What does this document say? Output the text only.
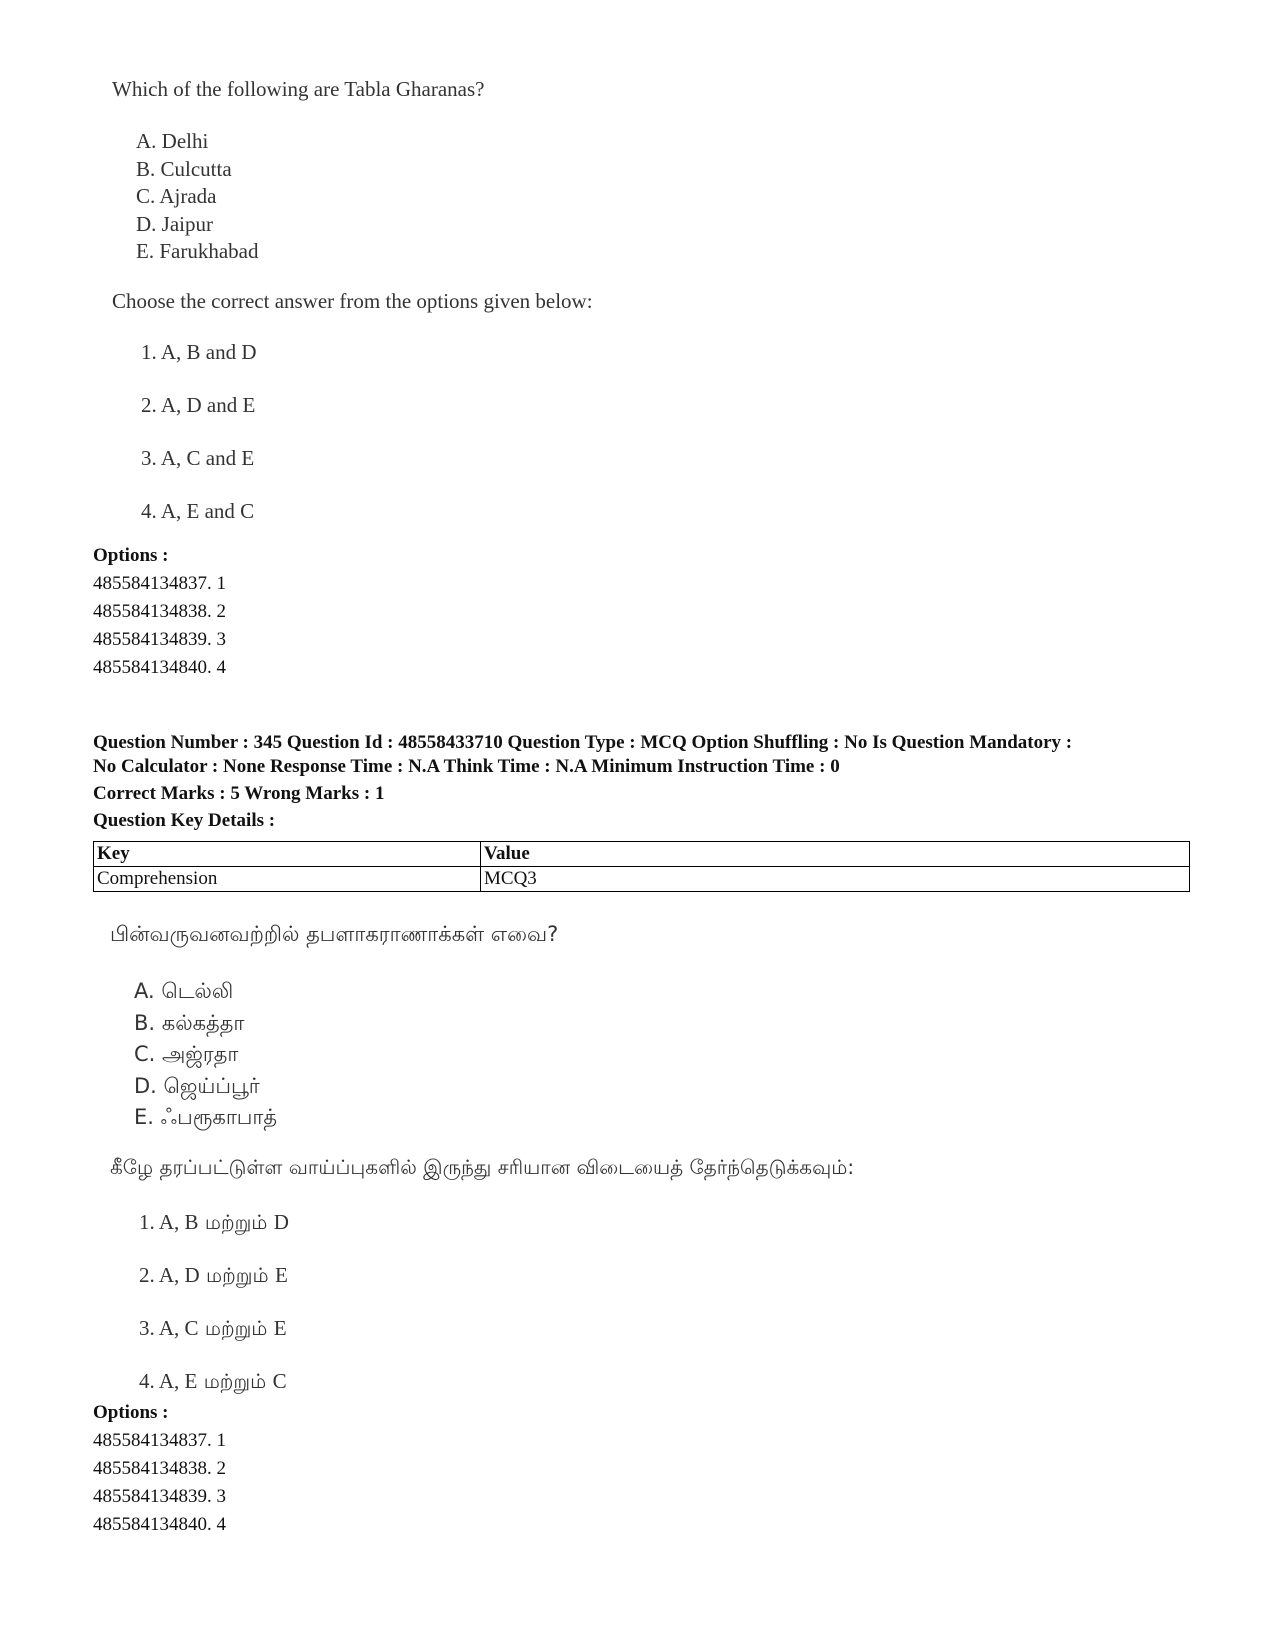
Which of the following are Tabla Gharanas?
A. Delhi
B. Culcutta
C. Ajrada
D. Jaipur
E. Farukhabad
Choose the correct answer from the options given below:
1. A, B and D
2. A, D and E
3. A, C and E
4. A, E and C
Options :
485584134837. 1
485584134838. 2
485584134839. 3
485584134840. 4
Question Number : 345 Question Id : 48558433710 Question Type : MCQ Option Shuffling : No Is Question Mandatory :
No Calculator : None Response Time : N.A Think Time : N.A Minimum Instruction Time : 0
Correct Marks : 5 Wrong Marks : 1
Question Key Details :
Key	Value
Comprehension	MCQ3
பின்வருவனவற்றில் தபளாகராணாக்கள் எவை?
A. டெல்லி
B. கல்கத்தா
C. அஜ்ரதா
D. ஜெய்ப்பூர்
E. ஃபரூகாபாத்
கீழே தரப்பட்டுள்ள வாய்ப்புகளில் இருந்து சரியான விடையைத் தேர்ந்தெடுக்கவும்:
1. A, B மற்றும் D
2. A, D மற்றும் E
3. A, C மற்றும் E
4. A, E மற்றும் C
Options :
485584134837. 1
485584134838. 2
485584134839. 3
485584134840. 4
